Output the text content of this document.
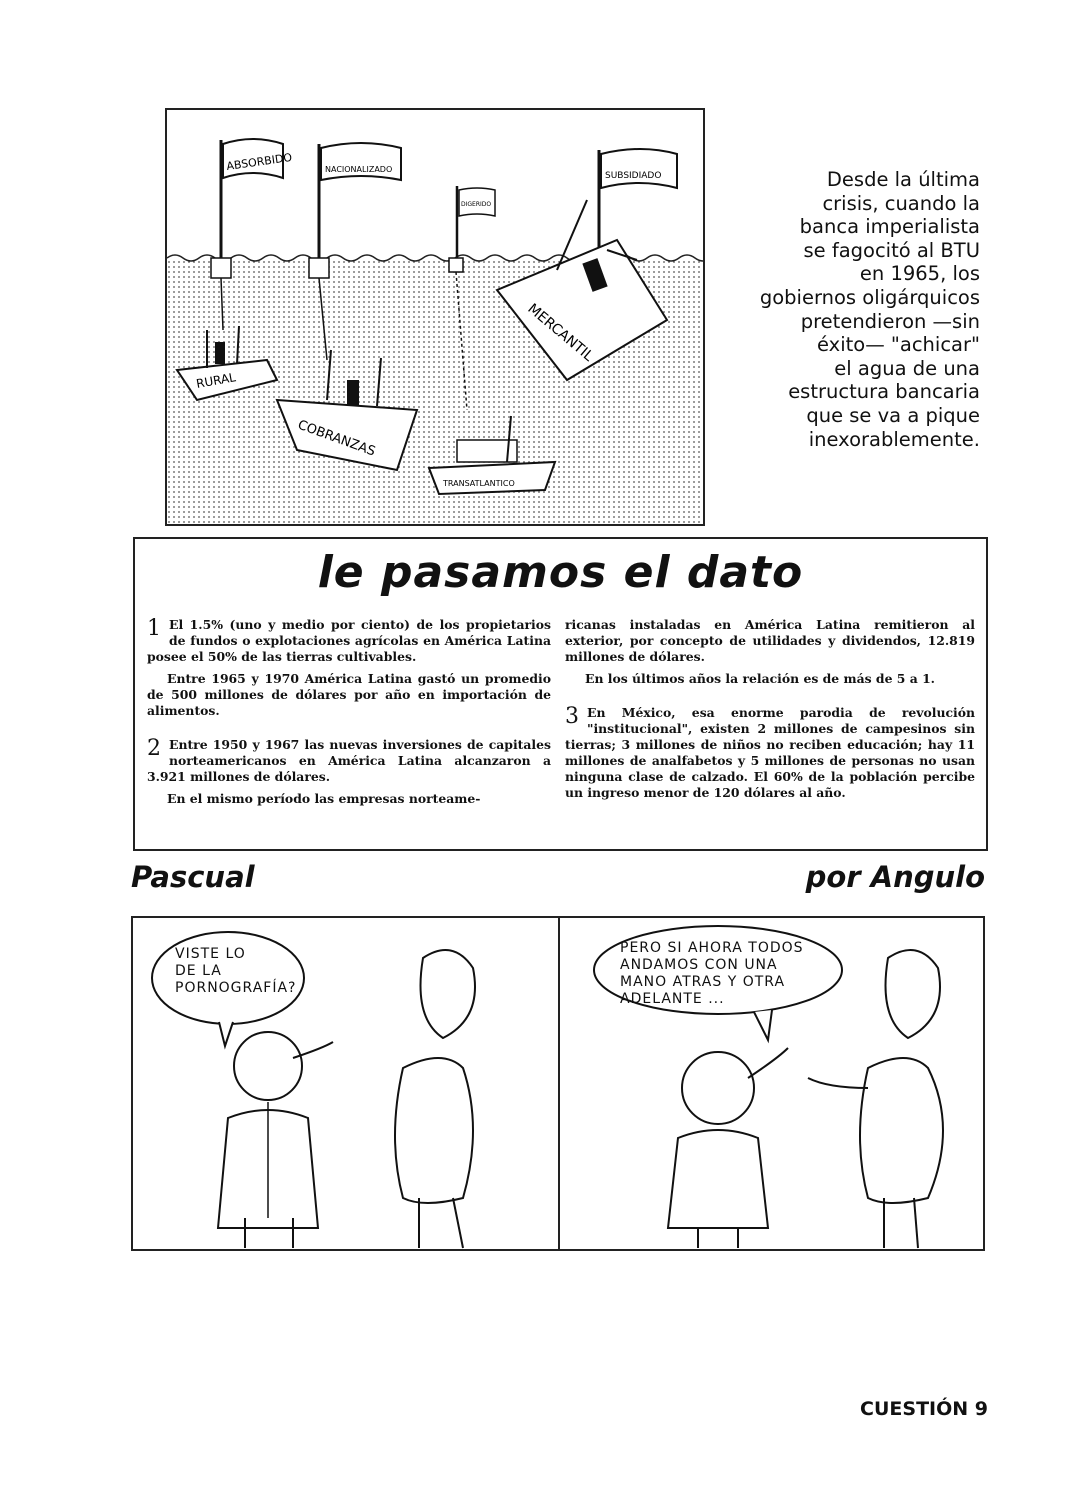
ABSORBIDO	NACIONALIZADO
DIGERIDO
SUBSIDIADO
RURAL
COBRANZAS
TRANSATLANTICO
MERCANTIL
Desde la última
crisis, cuando la
banca imperialista
se fagocitó al BTU
en 1965, los
gobiernos oligárquicos
pretendieron —sin
éxito— "achicar"
el agua de una
estructura bancaria
que se va a pique
inexorablemente.
le pasamos el dato

1 El 1.5% (uno y medio por ciento) de los propietarios de fundos o explotaciones agrícolas en América Latina posee el 50% de las tierras cultivables.

Entre 1965 y 1970 América Latina gastó un promedio de 500 millones de dólares por año en importación de alimentos.

2 Entre 1950 y 1967 las nuevas inversiones de capitales norteamericanos en América Latina alcanzaron a 3.921 millones de dólares.

En el mismo período las empresas norteame-

ricanas instaladas en América Latina remitieron al exterior, por concepto de utilidades y dividendos, 12.819 millones de dólares.

En los últimos años la relación es de más de 5 a 1.

3 En México, esa enorme parodia de revolución "institucional", existen 2 millones de campesinos sin tierras; 3 millones de niños no reciben educación; hay 11 millones de analfabetos y 5 millones de personas no usan ninguna clase de calzado. El 60% de la población percibe un ingreso menor de 120 dólares al año.

Pascual	por Angulo
VISTE LO
DE LA
PORNOGRAFÍA?
PERO SI AHORA TODOS
ANDAMOS CON UNA
MANO ATRAS Y OTRA
ADELANTE ...
CUESTIÓN 9
